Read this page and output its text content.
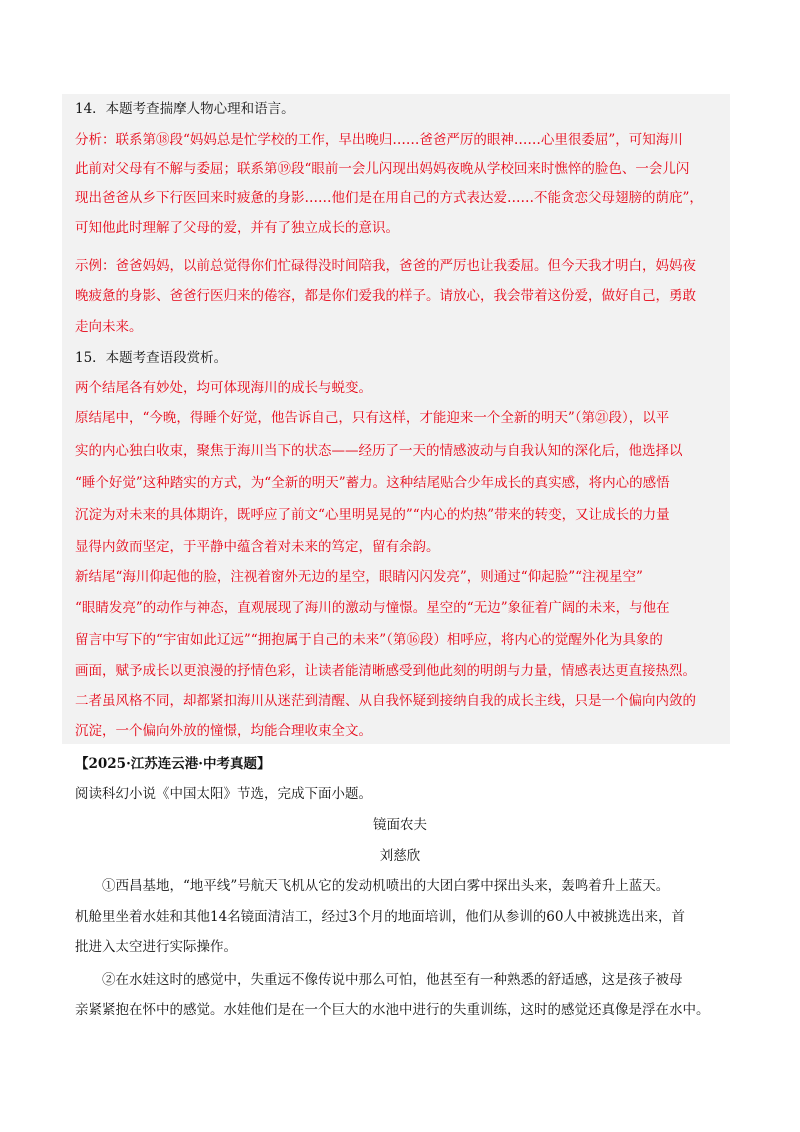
14．本题考查揣摩人物心理和语言。
分析：联系第⑱段“妈妈总是忙学校的工作，早出晚归……爸爸严厉的眼神……心里很委屈”，可知海川
此前对父母有不解与委屈；联系第⑲段“眼前一会儿闪现出妈妈夜晚从学校回来时憔悴的脸色、一会儿闪
现出爸爸从乡下行医回来时疲惫的身影……他们是在用自己的方式表达爱……不能贪恋父母翅膀的荫庇”，
可知他此时理解了父母的爱，并有了独立成长的意识。
示例：爸爸妈妈，以前总觉得你们忙碌得没时间陪我，爸爸的严厉也让我委屈。但今天我才明白，妈妈夜
晚疲惫的身影、爸爸行医归来的倦容，都是你们爱我的样子。请放心，我会带着这份爱，做好自己，勇敢
走向未来。
15．本题考查语段赏析。
两个结尾各有妙处，均可体现海川的成长与蜕变。
原结尾中，“今晚，得睡个好觉，他告诉自己，只有这样，才能迎来一个全新的明天”（第㉑段），以平
实的内心独白收束，聚焦于海川当下的状态——经历了一天的情感波动与自我认知的深化后，他选择以
“睡个好觉”这种踏实的方式，为“全新的明天”蓄力。这种结尾贴合少年成长的真实感，将内心的感悟
沉淀为对未来的具体期许，既呼应了前文“心里明晃晃的”“内心的灼热”带来的转变，又让成长的力量
显得内敛而坚定，于平静中蕴含着对未来的笃定，留有余韵。
新结尾“海川仰起他的脸，注视着窗外无边的星空，眼睛闪闪发亮”，则通过“仰起脸”“注视星空”
“眼睛发亮”的动作与神态，直观展现了海川的激动与憧憬。星空的“无边”象征着广阔的未来，与他在
留言中写下的“宇宙如此辽远”“拥抱属于自己的未来”（第⑯段）相呼应，将内心的觉醒外化为具象的
画面，赋予成长以更浪漫的抒情色彩，让读者能清晰感受到他此刻的明朗与力量，情感表达更直接热烈。
二者虽风格不同，却都紧扣海川从迷茫到清醒、从自我怀疑到接纳自我的成长主线，只是一个偏向内敛的
沉淀，一个偏向外放的憧憬，均能合理收束全文。
【2025·江苏连云港·中考真题】
阅读科幻小说《中国太阳》节选，完成下面小题。
镜面农夫
刘慈欣
①西昌基地，“地平线”号航天飞机从它的发动机喷出的大团白雾中探出头来，轰鸣着升上蓝天。
机舱里坐着水娃和其他14名镜面清洁工，经过3个月的地面培训，他们从参训的60人中被挑选出来，首
批进入太空进行实际操作。
②在水娃这时的感觉中，失重远不像传说中那么可怕，他甚至有一种熟悉的舒适感，这是孩子被母
亲紧紧抱在怀中的感觉。水娃他们是在一个巨大的水池中进行的失重训练，这时的感觉还真像是浮在水中。
